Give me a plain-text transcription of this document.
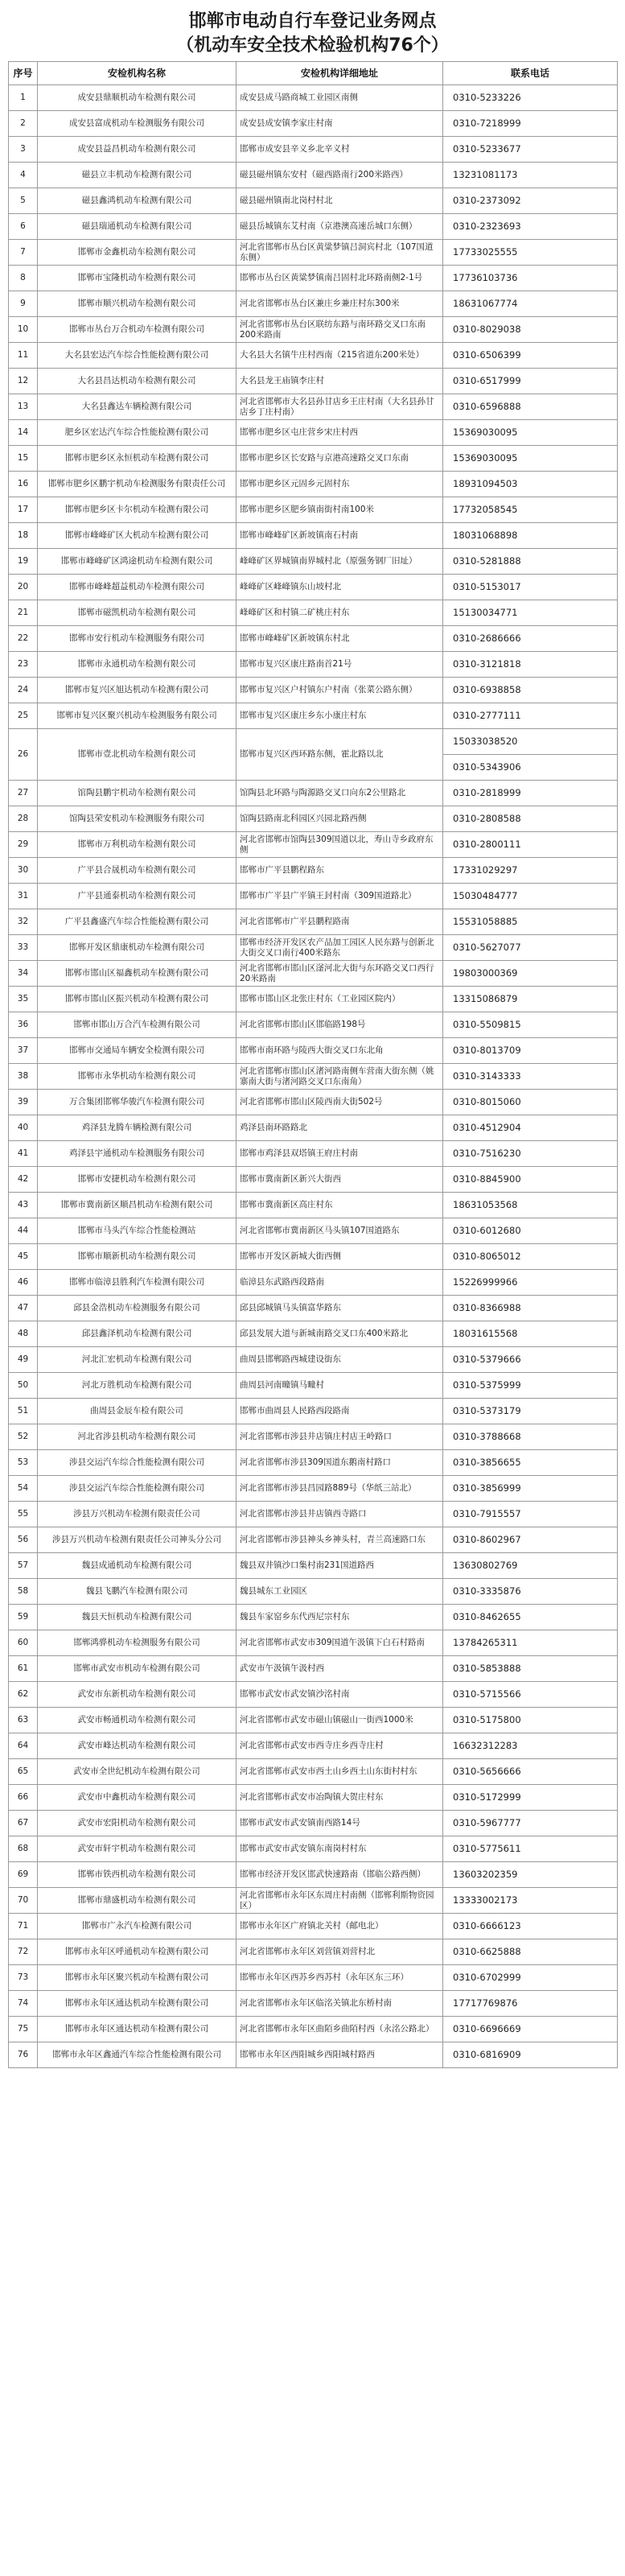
邯郸市电动自行车登记业务网点
（机动车安全技术检验机构76个）
序号	安检机构名称	安检机构详细地址	联系电话
1	成安县鼎顺机动车检测有限公司	成安县成马路商城工业园区南侧	0310-5233226
2	成安县富成机动车检测服务有限公司	成安县成安镇李家庄村南	0310-7218999
3	成安县益昌机动车检测有限公司	邯郸市成安县辛义乡北辛义村	0310-5233677
4	磁县立丰机动车检测有限公司	磁县磁州镇东安村（磁西路南行200米路西）	13231081173
5	磁县鑫鸿机动车检测有限公司	磁县磁州镇南北岗村村北	0310-2373092
6	磁县瑞通机动车检测有限公司	磁县岳城镇东艾村南（京港澳高速岳城口东侧）	0310-2323693
7	邯郸市金鑫机动车检测有限公司	河北省邯郸市丛台区黄粱梦镇吕洞宾村北（107国道东侧）	17733025555
8	邯郸市宝隆机动车检测有限公司	邯郸市丛台区黄粱梦镇南吕固村北环路南侧2-1号	17736103736
9	邯郸市顺兴机动车检测有限公司	河北省邯郸市丛台区兼庄乡兼庄村东300米	18631067774
10	邯郸市丛台万合机动车检测有限公司	河北省邯郸市丛台区联纺东路与南环路交叉口东南200米路南	0310-8029038
11	大名县宏达汽车综合性能检测有限公司	大名县大名镇牛庄村西南（215省道东200米处）	0310-6506399
12	大名县昌达机动车检测有限公司	大名县龙王庙镇李庄村	0310-6517999
13	大名县鑫达车辆检测有限公司	河北省邯郸市大名县孙甘店乡王庄村南（大名县孙甘店乡丁庄村南）	0310-6596888
14	肥乡区宏达汽车综合性能检测有限公司	邯郸市肥乡区屯庄营乡宋庄村西	15369030095
15	邯郸市肥乡区永恒机动车检测有限公司	邯郸市肥乡区长安路与京港高速路交叉口东南	15369030095
16	邯郸市肥乡区鹏宇机动车检测服务有限责任公司	邯郸市肥乡区元固乡元固村东	18931094503
17	邯郸市肥乡区卡尔机动车检测有限公司	邯郸市肥乡区肥乡镇南街村南100米	17732058545
18	邯郸市峰峰矿区大机动车检测有限公司	邯郸市峰峰矿区新坡镇南石村南	18031068898
19	邯郸市峰峰矿区鸿途机动车检测有限公司	峰峰矿区界城镇南界城村北（原强务钢厂旧址）	0310-5281888
20	邯郸市峰峰超益机动车检测有限公司	峰峰矿区峰峰镇东山坡村北	0310-5153017
21	邯郸市磁凯机动车检测有限公司	峰峰矿区和村镇二矿桃庄村东	15130034771
22	邯郸市安行机动车检测服务有限公司	邯郸市峰峰矿区新坡镇东村北	0310-2686666
23	邯郸市永通机动车检测有限公司	邯郸市复兴区康庄路南首21号	0310-3121818
24	邯郸市复兴区旭达机动车检测有限公司	邯郸市复兴区户村镇东户村南（张菜公路东侧）	0310-6938858
25	邯郸市复兴区聚兴机动车检测服务有限公司	邯郸市复兴区康庄乡东小康庄村东	0310-2777111
26	邯郸市壹北机动车检测有限公司	邯郸市复兴区西环路东侧，霍北路以北	15033038520
0310-5343906

27	馆陶县鹏宇机动车检测有限公司	馆陶县北环路与陶源路交叉口向东2公里路北	0310-2818999
28	馆陶县荣安机动车检测服务有限公司	馆陶县路南北科园区兴园北路西侧	0310-2808588
29	邯郸市万利机动车检测有限公司	河北省邯郸市馆陶县309国道以北，寿山寺乡政府东侧	0310-2800111
30	广平县合晟机动车检测有限公司	邯郸市广平县鹏程路东	17331029297
31	广平县通泰机动车检测有限公司	邯郸市广平县广平镇王封村南（309国道路北）	15030484777
32	广平县鑫盛汽车综合性能检测有限公司	河北省邯郸市广平县鹏程路南	15531058885
33	邯郸开发区鼎康机动车检测有限公司	邯郸市经济开发区农产品加工园区人民东路与创新北大街交叉口南行400米路东	0310-5627077
34	邯郸市邯山区福鑫机动车检测有限公司	河北省邯郸市邯山区滏河北大街与东环路交叉口西行20米路南	19803000369
35	邯郸市邯山区振兴机动车检测有限公司	邯郸市邯山区北张庄村东（工业园区院内）	13315086879
36	邯郸市邯山万合汽车检测有限公司	河北省邯郸市邯山区邯临路198号	0310-5509815
37	邯郸市交通局车辆安全检测有限公司	邯郸市南环路与陵西大街交叉口东北角	0310-8013709
38	邯郸市永华机动车检测有限公司	河北省邯郸市邯山区渚河路南侧车营南大街东侧（姚寨南大街与渚河路交叉口东南角）	0310-3143333
39	万合集团邯郸华骏汽车检测有限公司	河北省邯郸市邯山区陵西南大街502号	0310-8015060
40	鸡泽县龙腾车辆检测有限公司	鸡泽县南环路路北	0310-4512904
41	鸡泽县宇通机动车检测服务有限公司	邯郸市鸡泽县双塔镇王府庄村南	0310-7516230
42	邯郸市安捷机动车检测有限公司	邯郸市冀南新区新兴大街西	0310-8845900
43	邯郸市冀南新区顺昌机动车检测有限公司	邯郸市冀南新区高庄村东	18631053568
44	邯郸市马头汽车综合性能检测站	河北省邯郸市冀南新区马头镇107国道路东	0310-6012680
45	邯郸市顺新机动车检测有限公司	邯郸市开发区新城大街西侧	0310-8065012
46	邯郸市临漳县胜利汽车检测有限公司	临漳县东武路西段路南	15226999966
47	邱县金浩机动车检测服务有限公司	邱县邱城镇马头镇富华路东	0310-8366988
48	邱县鑫泽机动车检测有限公司	邱县发展大道与新城南路交叉口东400米路北	18031615568
49	河北汇宏机动车检测有限公司	曲周县邯郸路西城建设街东	0310-5379666
50	河北万胜机动车检测有限公司	曲周县河南疃镇马疃村	0310-5375999
51	曲周县金辰车检有限公司	邯郸市曲周县人民路西段路南	0310-5373179
52	河北省涉县机动车检测有限公司	河北省邯郸市涉县井店镇庄村店王岭路口	0310-3788668
53	涉县交运汽车综合性能检测有限公司	河北省邯郸市涉县309国道东鹅南村路口	0310-3856655
54	涉县交运汽车综合性能检测有限公司	河北省邯郸市涉县昌园路889号（华纸三站北）	0310-3856999
55	涉县万兴机动车检测有限责任公司	河北省邯郸市涉县井店镇西寺路口	0310-7915557
56	涉县万兴机动车检测有限责任公司神头分公司	河北省邯郸市涉县神头乡神头村，青兰高速路口东	0310-8602967
57	魏县成通机动车检测有限公司	魏县双井镇沙口集村南231国道路西	13630802769
58	魏县飞鹏汽车检测有限公司	魏县城东工业园区	0310-3335876
59	魏县天恒机动车检测有限公司	魏县车家窑乡东代西尼宗村东	0310-8462655
60	邯郸鸿骅机动车检测服务有限公司	河北省邯郸市武安市309国道午汲镇下白石村路南	13784265311
61	邯郸市武安市机动车检测有限公司	武安市午汲镇午汲村西	0310-5853888
62	武安市东新机动车检测有限公司	邯郸市武安市武安镇沙洺村南	0310-5715566
63	武安市畅通机动车检测有限公司	河北省邯郸市武安市磁山镇磁山一街西1000米	0310-5175800
64	武安市峰达机动车检测有限公司	河北省邯郸市武安市西寺庄乡西寺庄村	16632312283
65	武安市全世纪机动车检测有限公司	河北省邯郸市武安市西土山乡西土山东街村村东	0310-5656666
66	武安市中鑫机动车检测有限公司	河北省邯郸市武安市冶陶镇大贺庄村东	0310-5172999
67	武安市宏阳机动车检测有限公司	邯郸市武安市武安镇南西路14号	0310-5967777
68	武安市轩宇机动车检测有限公司	邯郸市武安市武安镇东南岗村村东	0310-5775611
69	邯郸市铁西机动车检测有限公司	邯郸市经济开发区邯武快速路南（邯临公路西侧）	13603202359
70	邯郸市鼎盛机动车检测有限公司	河北省邯郸市永年区东周庄村南侧（邯郸利斯物资园区）	13333002173
71	邯郸市广永汽车检测有限公司	邯郸市永年区广府镇北关村（邮电北）	0310-6666123
72	邯郸市永年区呼通机动车检测有限公司	河北省邯郸市永年区刘营镇刘营村北	0310-6625888
73	邯郸市永年区聚兴机动车检测有限公司	邯郸市永年区西苏乡西苏村（永年区东三环）	0310-6702999
74	邯郸市永年区通达机动车检测有限公司	河北省邯郸市永年区临洺关镇北东桥村南	17717769876
75	邯郸市永年区通达机动车检测有限公司	河北省邯郸市永年区曲陌乡曲陌村西（永洺公路北）	0310-6696669
76	邯郸市永年区鑫通汽车综合性能检测有限公司	邯郸市永年区西阳城乡西阳城村路西	0310-6816909
